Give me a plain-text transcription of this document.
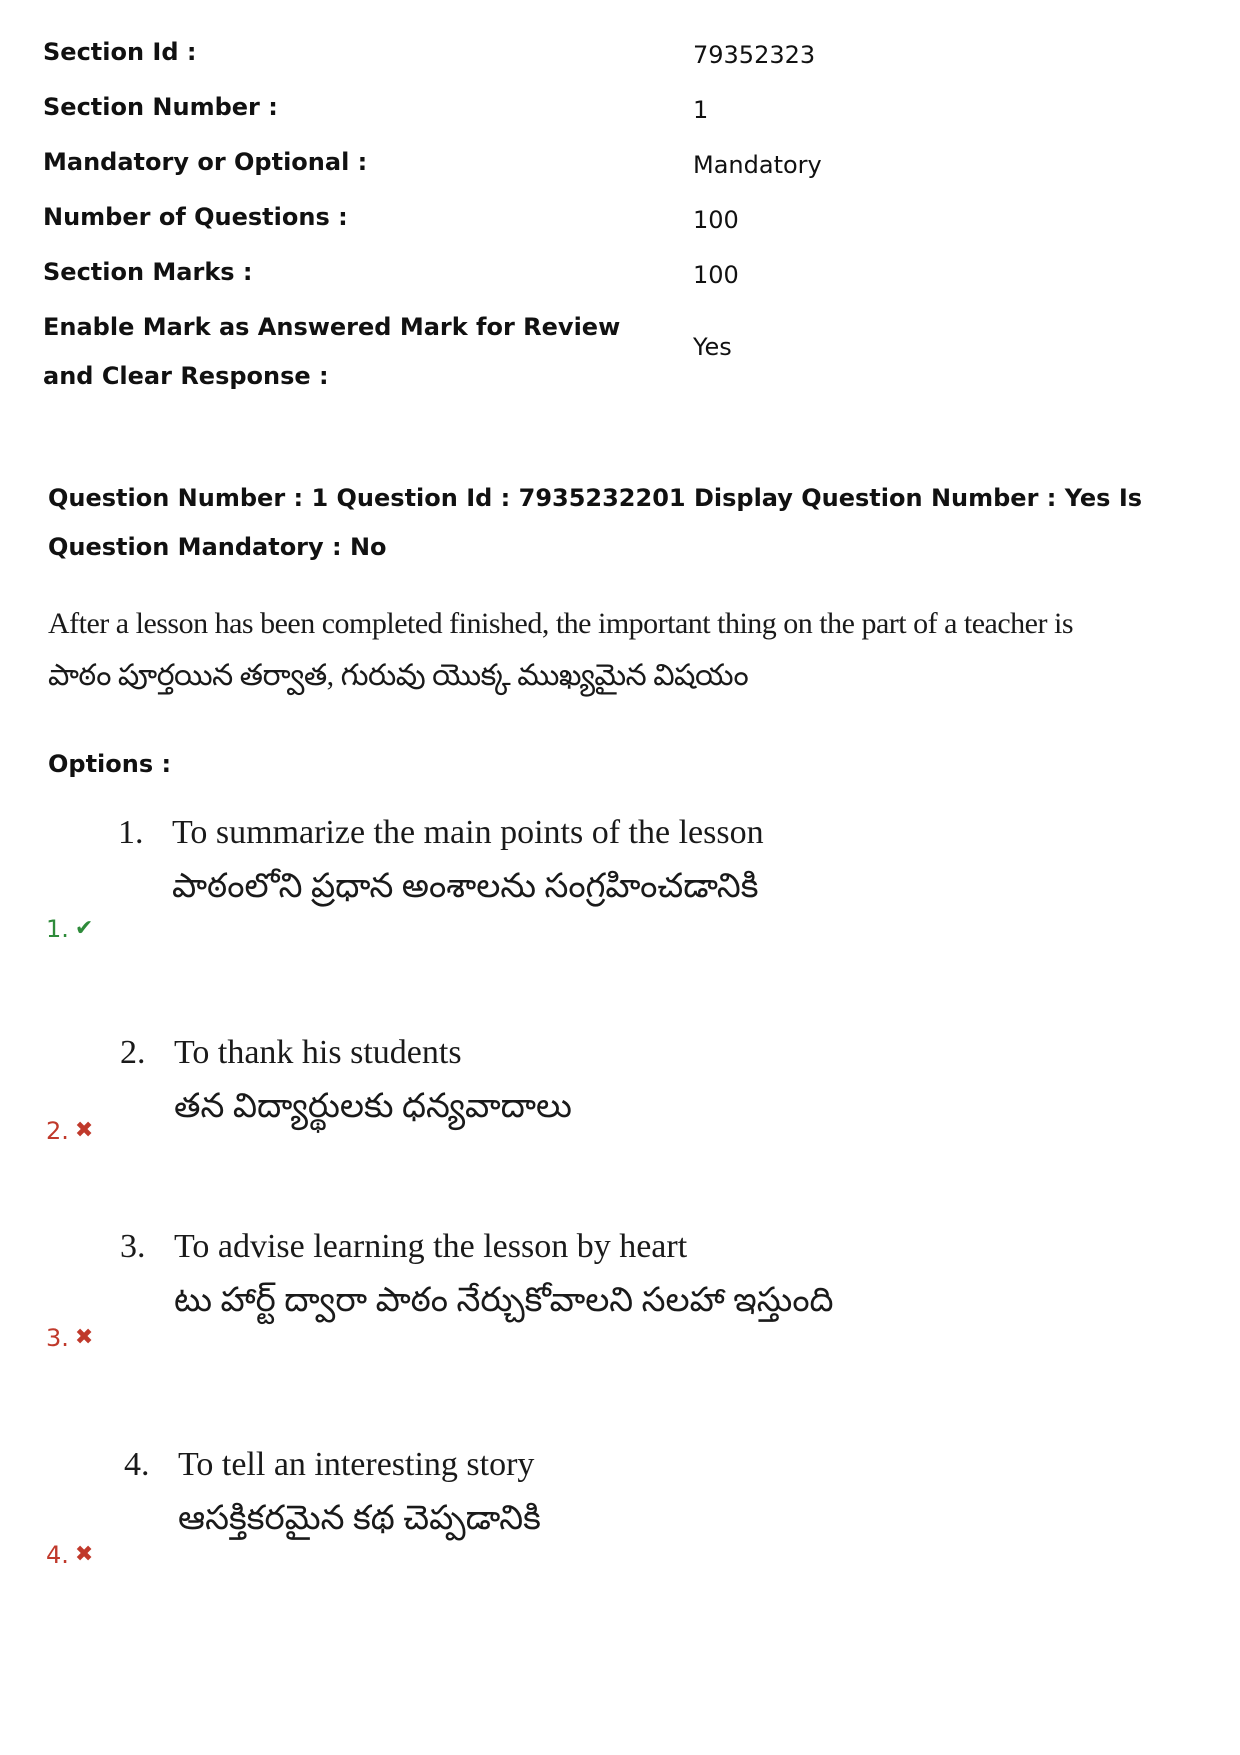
Section Id :	79352323
Section Number :	1
Mandatory or Optional :	Mandatory
Number of Questions :	100
Section Marks :	100
Enable Mark as Answered Mark for Review and Clear Response :
Yes
Question Number : 1 Question Id : 7935232201 Display Question Number : Yes Is Question Mandatory : No
After a lesson has been completed finished, the important thing on the part of a teacher is
పాఠం పూర్తయిన తర్వాత, గురువు యొక్క ముఖ్యమైన విషయం
Options :
1. To summarize the main points of the lesson
పాఠంలోని ప్రధాన అంశాలను సంగ్రహించడానికి
1. ✔
2. To thank his students
తన విద్యార్థులకు ధన్యవాదాలు
2. ✖
3. To advise learning the lesson by heart
టు హార్ట్ ద్వారా పాఠం నేర్చుకోవాలని సలహా ఇస్తుంది
3. ✖
4. To tell an interesting story
ఆసక్తికరమైన కథ చెప్పడానికి
4. ✖
